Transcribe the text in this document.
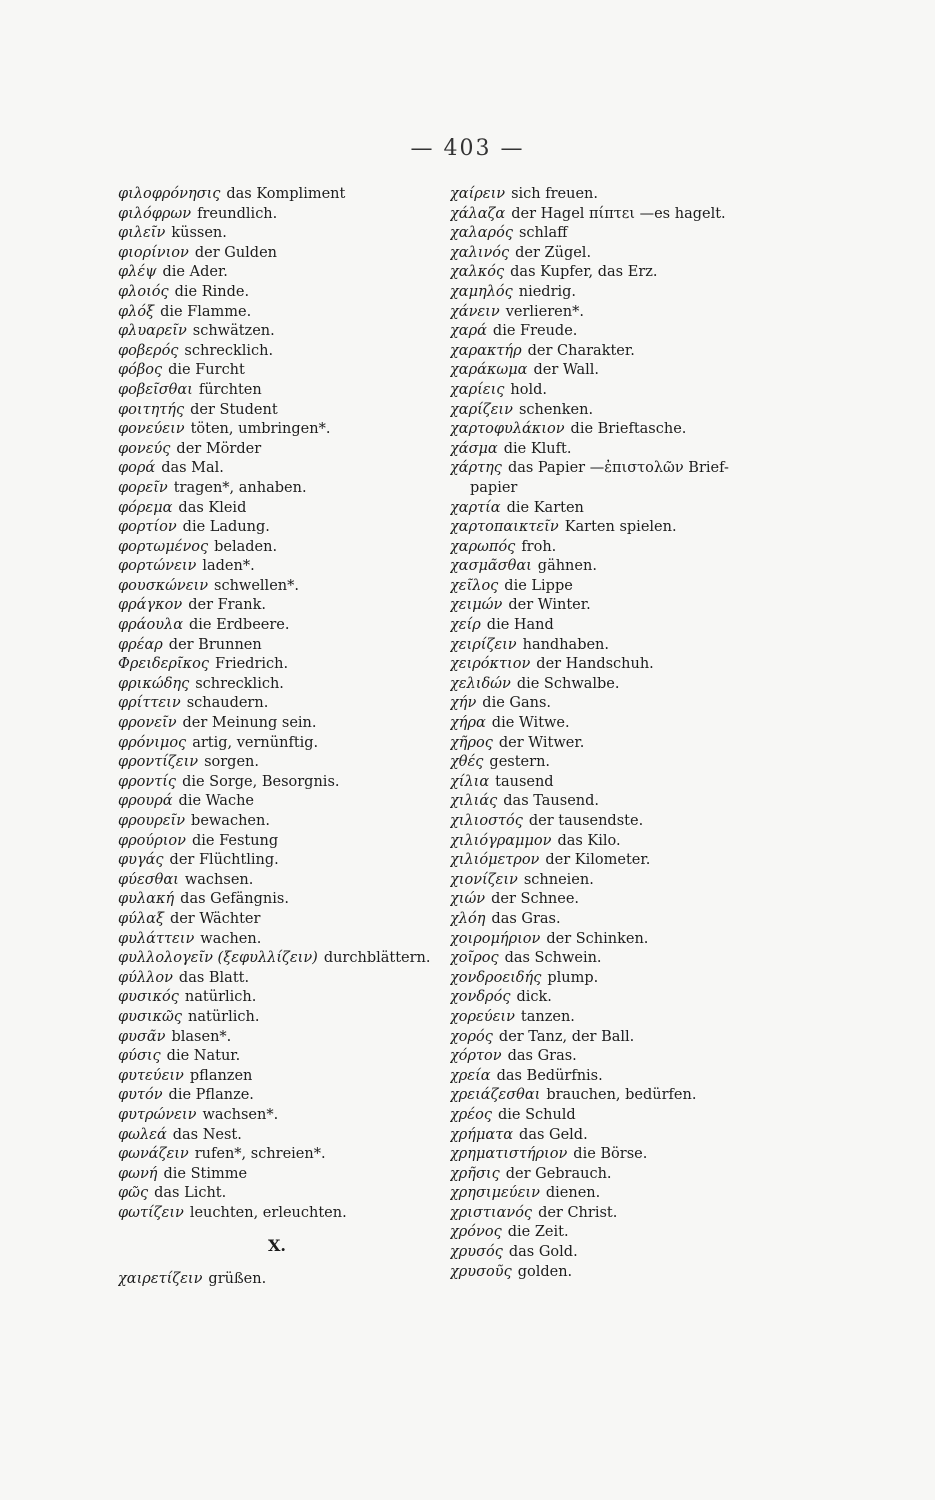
— 403 —
φιλοφρόνησις das Kompliment
φιλόφρων freundlich.
φιλεῖν küssen.
φιορίνιον der Gulden
φλέψ die Ader.
φλοιός die Rinde.
φλόξ die Flamme.
φλυαρεῖν schwätzen.
φοβερός schrecklich.
φόβος die Furcht
φοβεῖσθαι fürchten
φοιτητής der Student
φονεύειν töten, umbringen*.
φονεύς der Mörder
φορά das Mal.
φορεῖν tragen*, anhaben.
φόρεμα das Kleid
φορτίον die Ladung.
φορτωμένος beladen.
φορτώνειν laden*.
φουσκώνειν schwellen*.
φράγκον der Frank.
φράουλα die Erdbeere.
φρέαρ der Brunnen
Φρειδερῖκος Friedrich.
φρικώδης schrecklich.
φρίττειν schaudern.
φρονεῖν der Meinung sein.
φρόνιμος artig, vernünftig.
φροντίζειν sorgen.
φροντίς die Sorge, Besorgnis.
φρουρά die Wache
φρουρεῖν bewachen.
φρούριον die Festung
φυγάς der Flüchtling.
φύεσθαι wachsen.
φυλακή das Gefängnis.
φύλαξ der Wächter
φυλάττειν wachen.
φυλλολογεῖν (ξεφυλλίζειν) durchblättern.
φύλλον das Blatt.
φυσικός natürlich.
φυσικῶς natürlich.
φυσᾶν blasen*.
φύσις die Natur.
φυτεύειν pflanzen
φυτόν die Pflanze.
φυτρώνειν wachsen*.
φωλεά das Nest.
φωνάζειν rufen*, schreien*.
φωνή die Stimme
φῶς das Licht.
φωτίζειν leuchten, erleuchten.
X.
χαιρετίζειν grüßen.
χαίρειν sich freuen.
χάλαζα der Hagel πίπτει —es hagelt.
χαλαρός schlaff
χαλινός der Zügel.
χαλκός das Kupfer, das Erz.
χαμηλός niedrig.
χάνειν verlieren*.
χαρά die Freude.
χαρακτήρ der Charakter.
χαράκωμα der Wall.
χαρίεις hold.
χαρίζειν schenken.
χαρτοφυλάκιον die Brieftasche.
χάσμα die Kluft.
χάρτης das Papier —ἐπιστολῶν Brief-
papier
χαρτία die Karten
χαρτοπαικτεῖν Karten spielen.
χαρωπός froh.
χασμᾶσθαι gähnen.
χεῖλος die Lippe
χειμών der Winter.
χείρ die Hand
χειρίζειν handhaben.
χειρόκτιον der Handschuh.
χελιδών die Schwalbe.
χήν die Gans.
χήρα die Witwe.
χῆρος der Witwer.
χθές gestern.
χίλια tausend
χιλιάς das Tausend.
χιλιοστός der tausendste.
χιλιόγραμμον das Kilo.
χιλιόμετρον der Kilometer.
χιονίζειν schneien.
χιών der Schnee.
χλόη das Gras.
χοιρομήριον der Schinken.
χοῖρος das Schwein.
χονδροειδής plump.
χονδρός dick.
χορεύειν tanzen.
χορός der Tanz, der Ball.
χόρτον das Gras.
χρεία das Bedürfnis.
χρειάζεσθαι brauchen, bedürfen.
χρέος die Schuld
χρήματα das Geld.
χρηματιστήριον die Börse.
χρῆσις der Gebrauch.
χρησιμεύειν dienen.
χριστιανός der Christ.
χρόνος die Zeit.
χρυσός das Gold.
χρυσοῦς golden.
